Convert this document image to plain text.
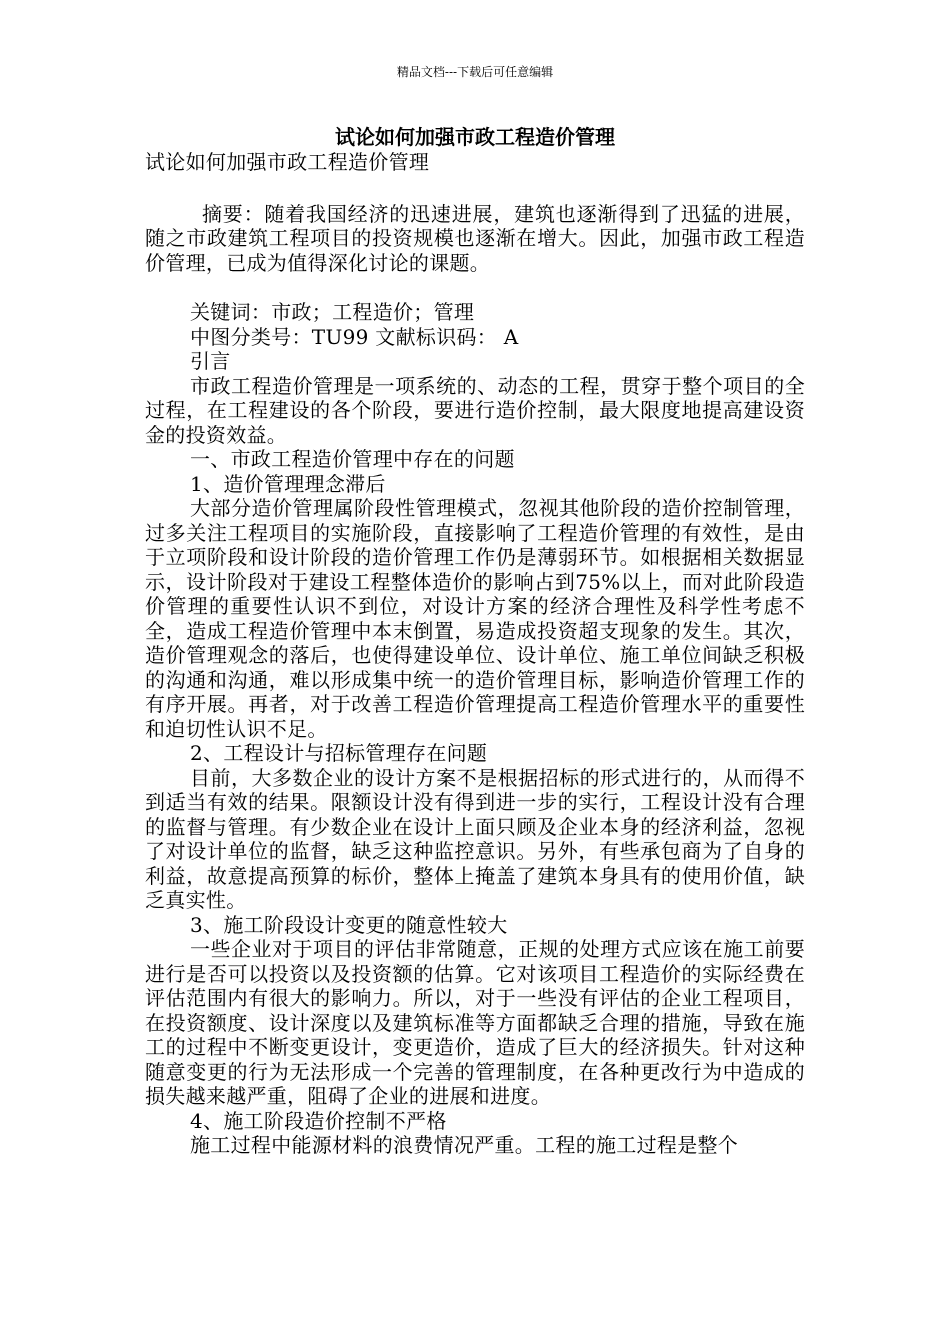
精品文档---下载后可任意编辑
试论如何加强市政工程造价管理

试论如何加强市政工程造价管理

摘要：随着我国经济的迅速进展，建筑也逐渐得到了迅猛的进展，随之市政建筑工程项目的投资规模也逐渐在增大。因此，加强市政工程造价管理，已成为值得深化讨论的课题。

关键词：市政；工程造价；管理

中图分类号：TU99 文献标识码： A

引言

市政工程造价管理是一项系统的、动态的工程，贯穿于整个项目的全过程，在工程建设的各个阶段，要进行造价控制，最大限度地提高建设资金的投资效益。

一、市政工程造价管理中存在的问题

1、造价管理理念滞后

大部分造价管理属阶段性管理模式，忽视其他阶段的造价控制管理，过多关注工程项目的实施阶段，直接影响了工程造价管理的有效性，是由于立项阶段和设计阶段的造价管理工作仍是薄弱环节。如根据相关数据显示，设计阶段对于建设工程整体造价的影响占到75%以上，而对此阶段造价管理的重要性认识不到位，对设计方案的经济合理性及科学性考虑不全，造成工程造价管理中本末倒置，易造成投资超支现象的发生。其次，造价管理观念的落后，也使得建设单位、设计单位、施工单位间缺乏积极的沟通和沟通，难以形成集中统一的造价管理目标，影响造价管理工作的有序开展。再者，对于改善工程造价管理提高工程造价管理水平的重要性和迫切性认识不足。

2、工程设计与招标管理存在问题

目前，大多数企业的设计方案不是根据招标的形式进行的，从而得不到适当有效的结果。限额设计没有得到进一步的实行，工程设计没有合理的监督与管理。有少数企业在设计上面只顾及企业本身的经济利益，忽视了对设计单位的监督，缺乏这种监控意识。另外，有些承包商为了自身的利益，故意提高预算的标价，整体上掩盖了建筑本身具有的使用价值，缺乏真实性。

3、施工阶段设计变更的随意性较大

一些企业对于项目的评估非常随意，正规的处理方式应该在施工前要进行是否可以投资以及投资额的估算。它对该项目工程造价的实际经费在评估范围内有很大的影响力。所以，对于一些没有评估的企业工程项目，在投资额度、设计深度以及建筑标准等方面都缺乏合理的措施，导致在施工的过程中不断变更设计，变更造价，造成了巨大的经济损失。针对这种随意变更的行为无法形成一个完善的管理制度，在各种更改行为中造成的损失越来越严重，阻碍了企业的进展和进度。

4、施工阶段造价控制不严格

施工过程中能源材料的浪费情况严重。工程的施工过程是整个
